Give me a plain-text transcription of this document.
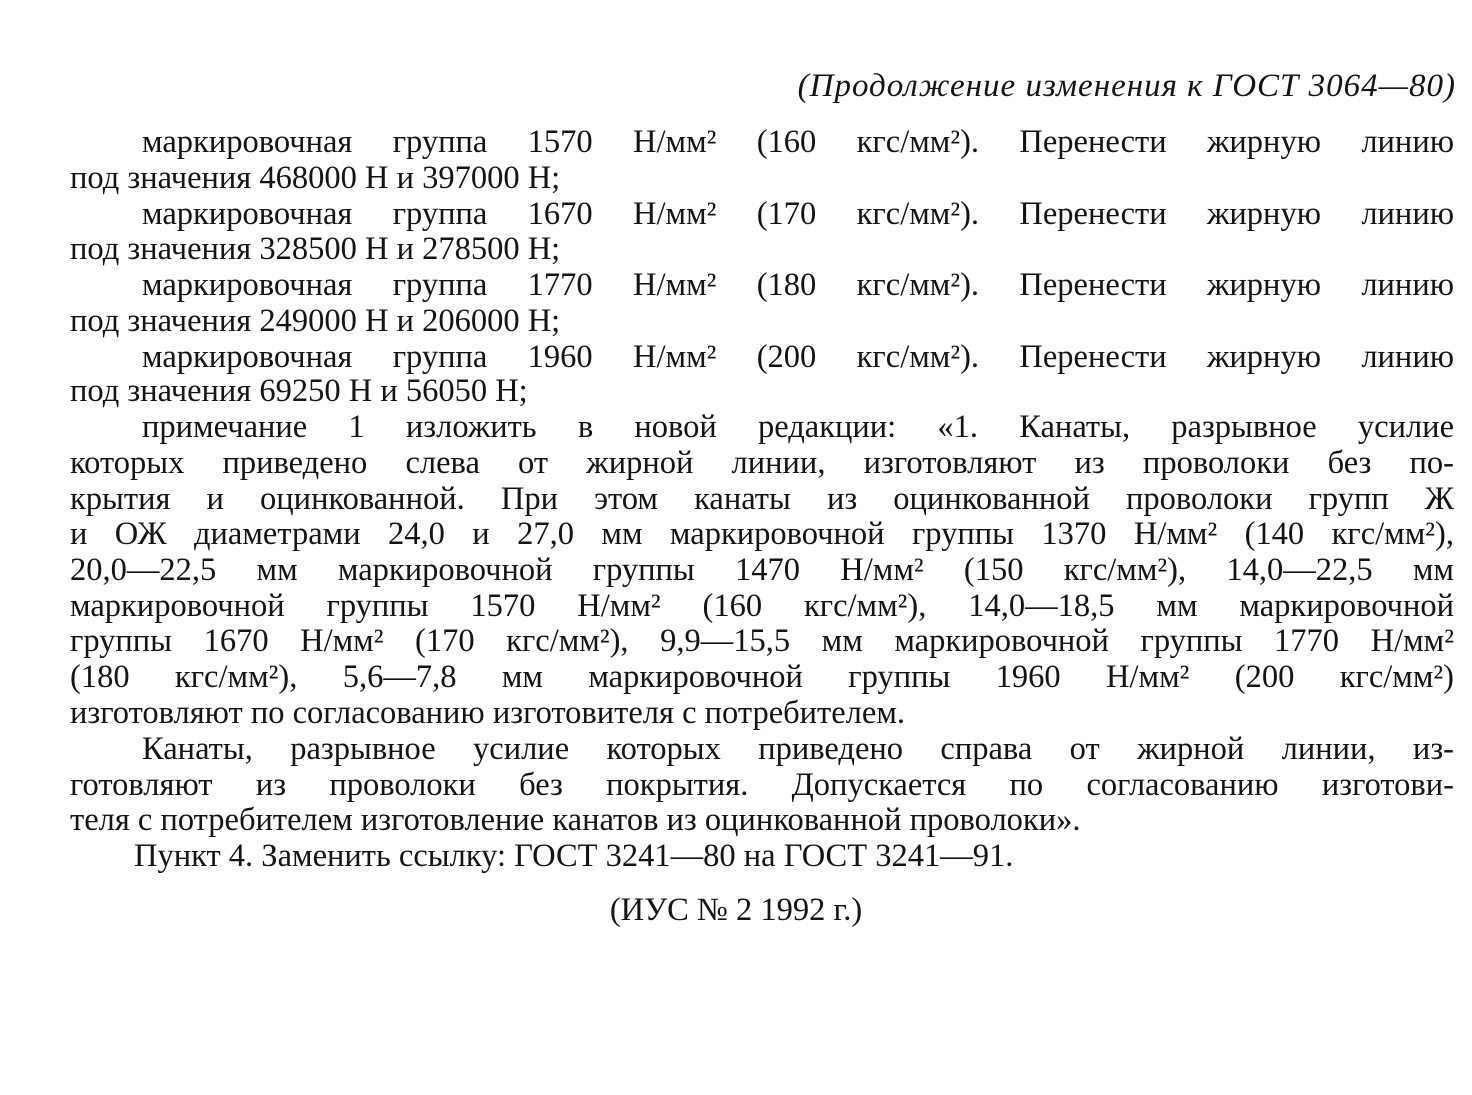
(Продолжение изменения к ГОСТ 3064—80)
маркировочная группа 1570 Н/мм² (160 кгс/мм²). Перенести жирную линию
под значения 468000 Н и 397000 Н;
маркировочная группа 1670 Н/мм² (170 кгс/мм²). Перенести жирную линию
под значения 328500 Н и 278500 Н;
маркировочная группа 1770 Н/мм² (180 кгс/мм²). Перенести жирную линию
под значения 249000 Н и 206000 Н;
маркировочная группа 1960 Н/мм² (200 кгс/мм²). Перенести жирную линию
под значения 69250 Н и 56050 Н;
примечание 1 изложить в новой редакции: «1. Канаты, разрывное усилие
которых приведено слева от жирной линии, изготовляют из проволоки без по-
крытия и оцинкованной. При этом канаты из оцинкованной проволоки групп Ж
и ОЖ диаметрами 24,0 и 27,0 мм маркировочной группы 1370 Н/мм² (140 кгс/мм²),
20,0—22,5 мм маркировочной группы 1470 Н/мм² (150 кгс/мм²), 14,0—22,5 мм
маркировочной группы 1570 Н/мм² (160 кгс/мм²), 14,0—18,5 мм маркировочной
группы 1670 Н/мм² (170 кгс/мм²), 9,9—15,5 мм маркировочной группы 1770 Н/мм²
(180 кгс/мм²), 5,6—7,8 мм маркировочной группы 1960 Н/мм² (200 кгс/мм²)
изготовляют по согласованию изготовителя с потребителем.
Канаты, разрывное усилие которых приведено справа от жирной линии, из-
готовляют из проволоки без покрытия. Допускается по согласованию изготови-
теля с потребителем изготовление канатов из оцинкованной проволоки».
Пункт 4. Заменить ссылку: ГОСТ 3241—80 на ГОСТ 3241—91.
(ИУС № 2 1992 г.)
